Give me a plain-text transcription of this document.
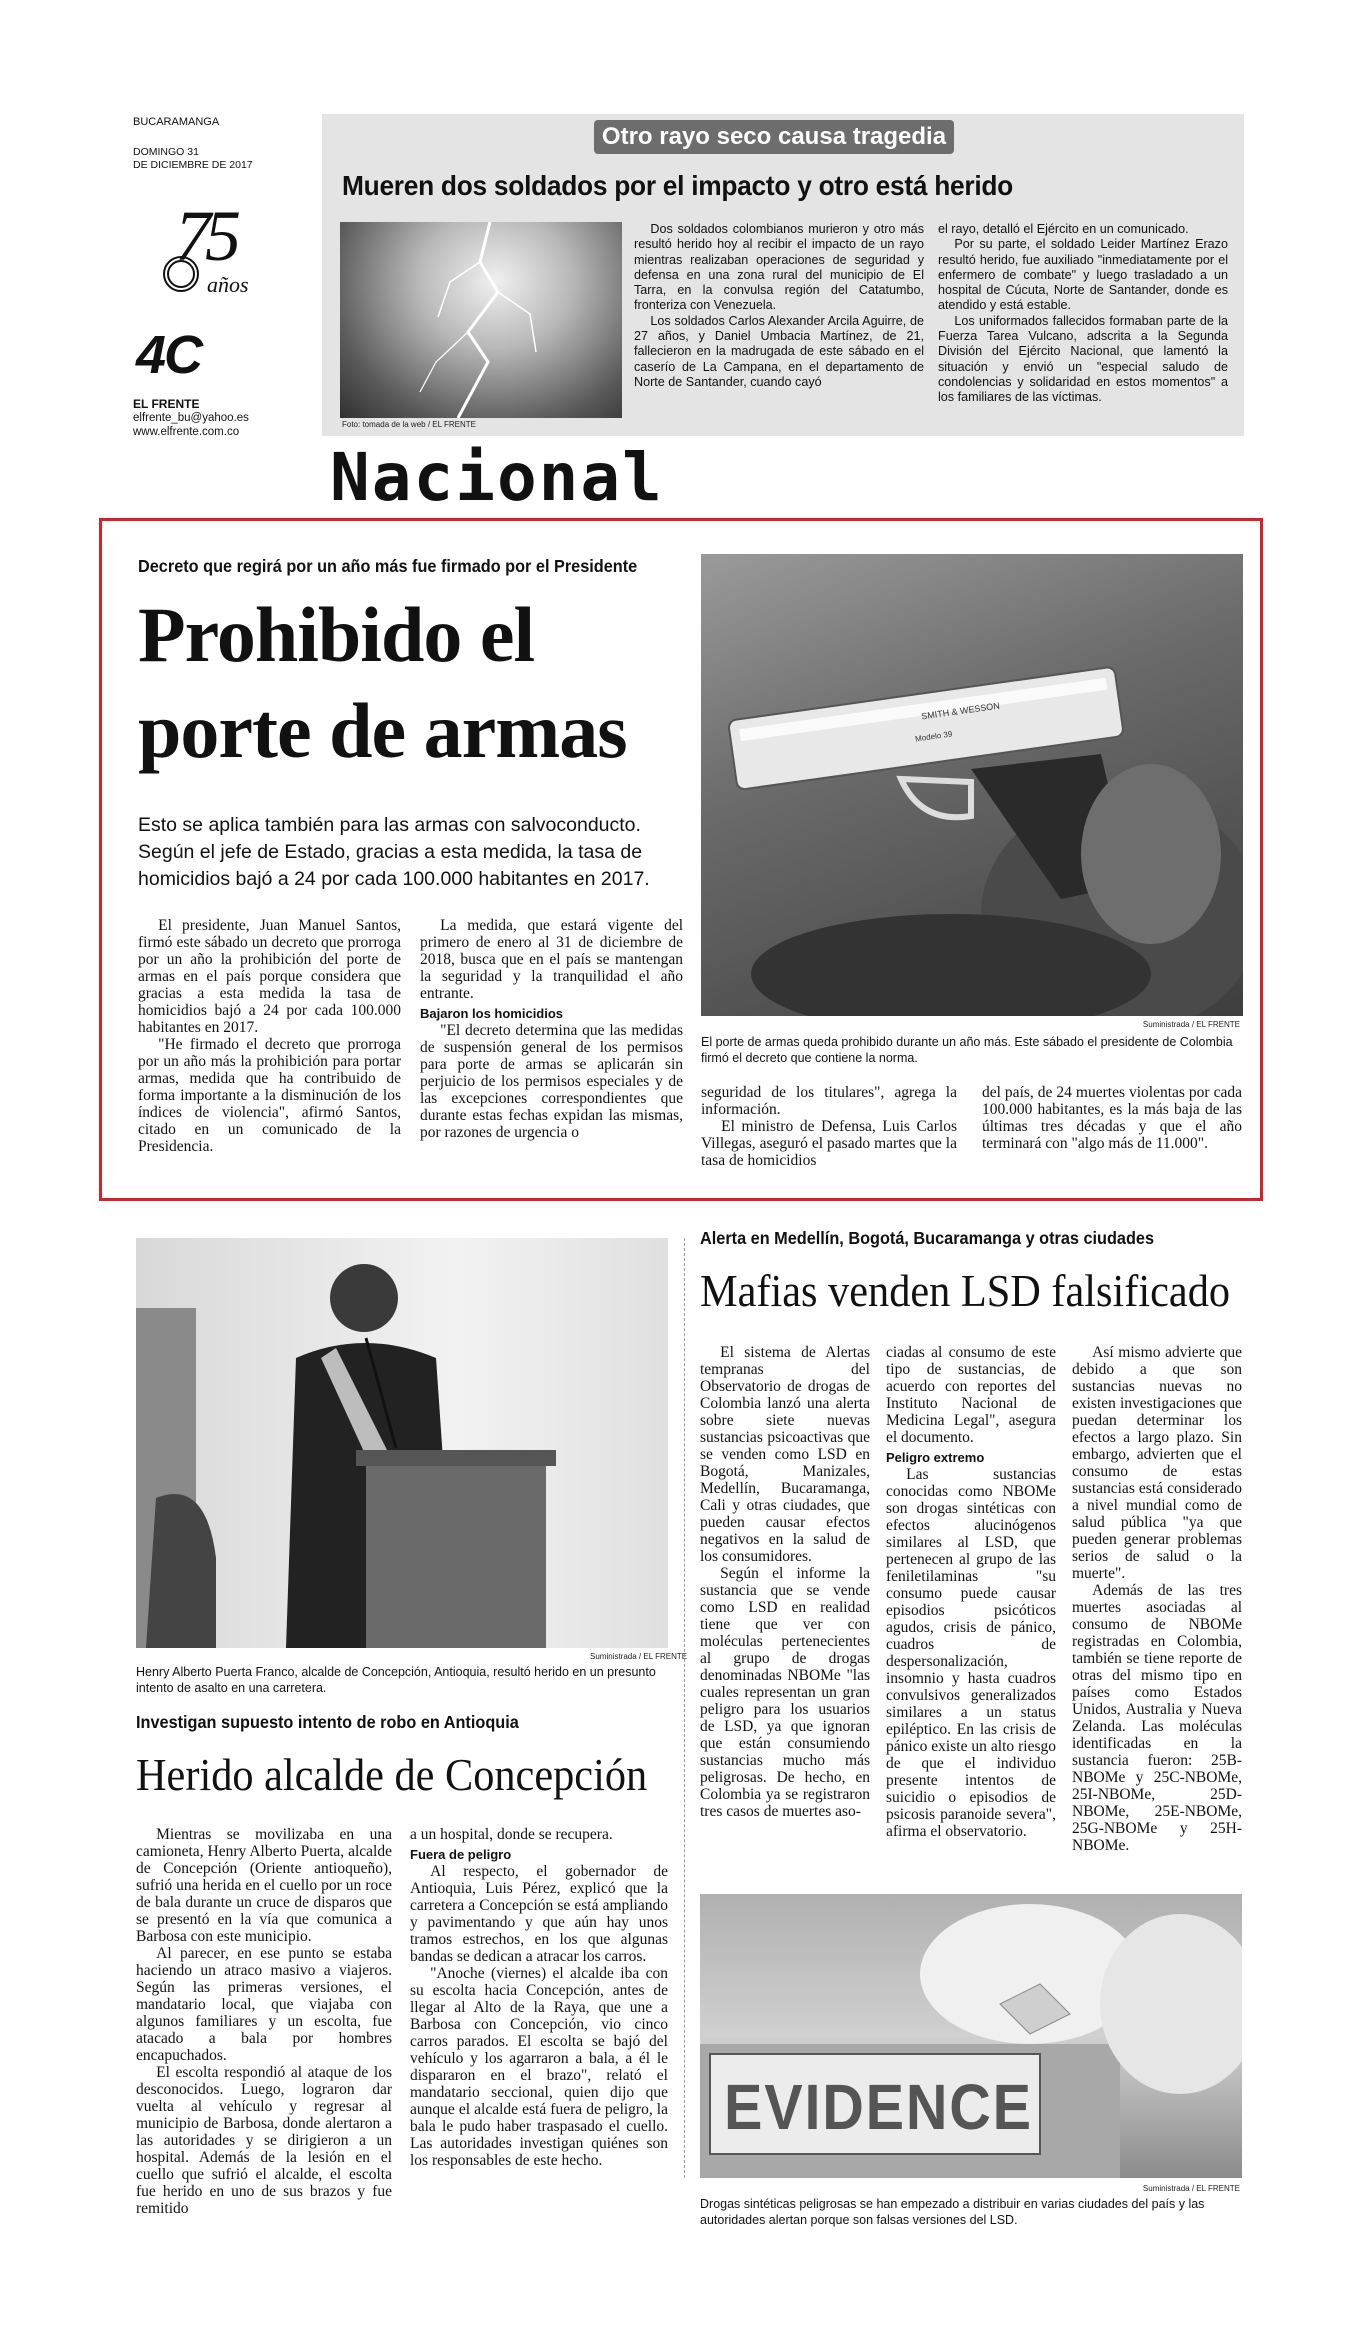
BUCARAMANGA
DOMINGO 31
DE DICIEMBRE DE 2017
75
años
4C
EL FRENTE
elfrente_bu@yahoo.es
www.elfrente.com.co
Otro rayo seco causa tragedia
Mueren dos soldados por el impacto y otro está herido
Foto: tomada de la web / EL FRENTE

Dos soldados colombianos murieron y otro más resultó herido hoy al recibir el impacto de un rayo mientras realizaban operaciones de seguridad y defensa en una zona rural del municipio de El Tarra, en la convulsa región del Catatumbo, fronteriza con Venezuela.

Los soldados Carlos Alexander Arcila Aguirre, de 27 años, y Daniel Umbacia Martínez, de 21, fallecieron en la madrugada de este sábado en el caserío de La Campana, en el departamento de Norte de Santander, cuando cayó

el rayo, detalló el Ejército en un comunicado.

Por su parte, el soldado Leider Martínez Erazo resultó herido, fue auxiliado "inmediatamente por el enfermero de combate" y luego trasladado a un hospital de Cúcuta, Norte de Santander, donde es atendido y está estable.

Los uniformados fallecidos formaban parte de la Fuerza Tarea Vulcano, adscrita a la Segunda División del Ejército Nacional, que lamentó la situación y envió un "especial saludo de condolencias y solidaridad en estos momentos" a los familiares de las víctimas.

Nacional
Decreto que regirá por un año más fue firmado por el Presidente
Prohibido el
porte de armas
Esto se aplica también para las armas con salvoconducto. Según el jefe de Estado, gracias a esta medida, la tasa de homicidios bajó a 24 por cada 100.000 habitantes en 2017.

El presidente, Juan Manuel Santos, firmó este sábado un decreto que prorroga por un año la prohibición del porte de armas en el país porque considera que gracias a esta medida la tasa de homicidios bajó a 24 por cada 100.000 habitantes en 2017.

"He firmado el decreto que prorroga por un año más la prohibición para portar armas, medida que ha contribuido de forma importante a la disminución de los índices de violencia", afirmó Santos, citado en un comunicado de la Presidencia.

La medida, que estará vigente del primero de enero al 31 de diciembre de 2018, busca que en el país se mantengan la seguridad y la tranquilidad el año entrante.

Bajaron los homicidios

"El decreto determina que las medidas de suspensión general de los permisos para porte de armas se aplicarán sin perjuicio de los permisos especiales y de las excepciones correspondientes que durante estas fechas expidan las mismas, por razones de urgencia o

SMITH & WESSON
Modelo 39
Suministrada / EL FRENTE
El porte de armas queda prohibido durante un año más. Este sábado el presidente de Colombia firmó el decreto que contiene la norma.

seguridad de los titulares", agrega la información.

El ministro de Defensa, Luis Carlos Villegas, aseguró el pasado martes que la tasa de homicidios

del país, de 24 muertes violentas por cada 100.000 habitantes, es la más baja de las últimas tres décadas y que el año terminará con "algo más de 11.000".

Suministrada / EL FRENTE
Henry Alberto Puerta Franco, alcalde de Concepción, Antioquia, resultó herido en un presunto intento de asalto en una carretera.
Investigan supuesto intento de robo en Antioquia
Herido alcalde de Concepción

Mientras se movilizaba en una camioneta, Henry Alberto Puerta, alcalde de Concepción (Oriente antioqueño), sufrió una herida en el cuello por un roce de bala durante un cruce de disparos que se presentó en la vía que comunica a Barbosa con este municipio.

Al parecer, en ese punto se estaba haciendo un atraco masivo a viajeros. Según las primeras versiones, el mandatario local, que viajaba con algunos familiares y un escolta, fue atacado a bala por hombres encapuchados.

El escolta respondió al ataque de los desconocidos. Luego, lograron dar vuelta al vehículo y regresar al municipio de Barbosa, donde alertaron a las autoridades y se dirigieron a un hospital. Además de la lesión en el cuello que sufrió el alcalde, el escolta fue herido en uno de sus brazos y fue remitido

a un hospital, donde se recupera.

Fuera de peligro

Al respecto, el gobernador de Antioquia, Luis Pérez, explicó que la carretera a Concepción se está ampliando y pavimentando y que aún hay unos tramos estrechos, en los que algunas bandas se dedican a atracar los carros.

"Anoche (viernes) el alcalde iba con su escolta hacia Concepción, antes de llegar al Alto de la Raya, que une a Barbosa con Concepción, vio cinco carros parados. El escolta se bajó del vehículo y los agarraron a bala, a él le dispararon en el brazo", relató el mandatario seccional, quien dijo que aunque el alcalde está fuera de peligro, la bala le pudo haber traspasado el cuello. Las autoridades investigan quiénes son los responsables de este hecho.

Alerta en Medellín, Bogotá, Bucaramanga y otras ciudades
Mafias venden LSD falsificado

El sistema de Alertas tempranas del Observatorio de drogas de Colombia lanzó una alerta sobre siete nuevas sustancias psicoactivas que se venden como LSD en Bogotá, Manizales, Medellín, Bucaramanga, Cali y otras ciudades, que pueden causar efectos negativos en la salud de los consumidores.

Según el informe la sustancia que se vende como LSD en realidad tiene que ver con moléculas pertenecientes al grupo de drogas denominadas NBOMe "las cuales representan un gran peligro para los usuarios de LSD, ya que ignoran que están consumiendo sustancias mucho más peligrosas. De hecho, en Colombia ya se registraron tres casos de muertes aso-

ciadas al consumo de este tipo de sustancias, de acuerdo con reportes del Instituto Nacional de Medicina Legal", asegura el documento.

Peligro extremo

Las sustancias conocidas como NBOMe son drogas sintéticas con efectos alucinógenos similares al LSD, que pertenecen al grupo de las feniletilaminas "su consumo puede causar episodios psicóticos agudos, crisis de pánico, cuadros de despersonalización, insomnio y hasta cuadros convulsivos generalizados similares a un status epiléptico. En las crisis de pánico existe un alto riesgo de que el individuo presente intentos de suicidio o episodios de psicosis paranoide severa", afirma el observatorio.

Así mismo advierte que debido a que son sustancias nuevas no existen investigaciones que puedan determinar los efectos a largo plazo. Sin embargo, advierten que el consumo de estas sustancias está considerado a nivel mundial como de salud pública "ya que pueden generar problemas serios de salud o la muerte".

Además de las tres muertes asociadas al consumo de NBOMe registradas en Colombia, también se tiene reporte de otras del mismo tipo en países como Estados Unidos, Australia y Nueva Zelanda. Las moléculas identificadas en la sustancia fueron: 25B-NBOMe y 25C-NBOMe, 25I-NBOMe, 25D-NBOMe, 25E-NBOMe, 25G-NBOMe y 25H-NBOMe.

EVIDENCE
Suministrada / EL FRENTE
Drogas sintéticas peligrosas se han empezado a distribuir en varias ciudades del país y las autoridades alertan porque son falsas versiones del LSD.
